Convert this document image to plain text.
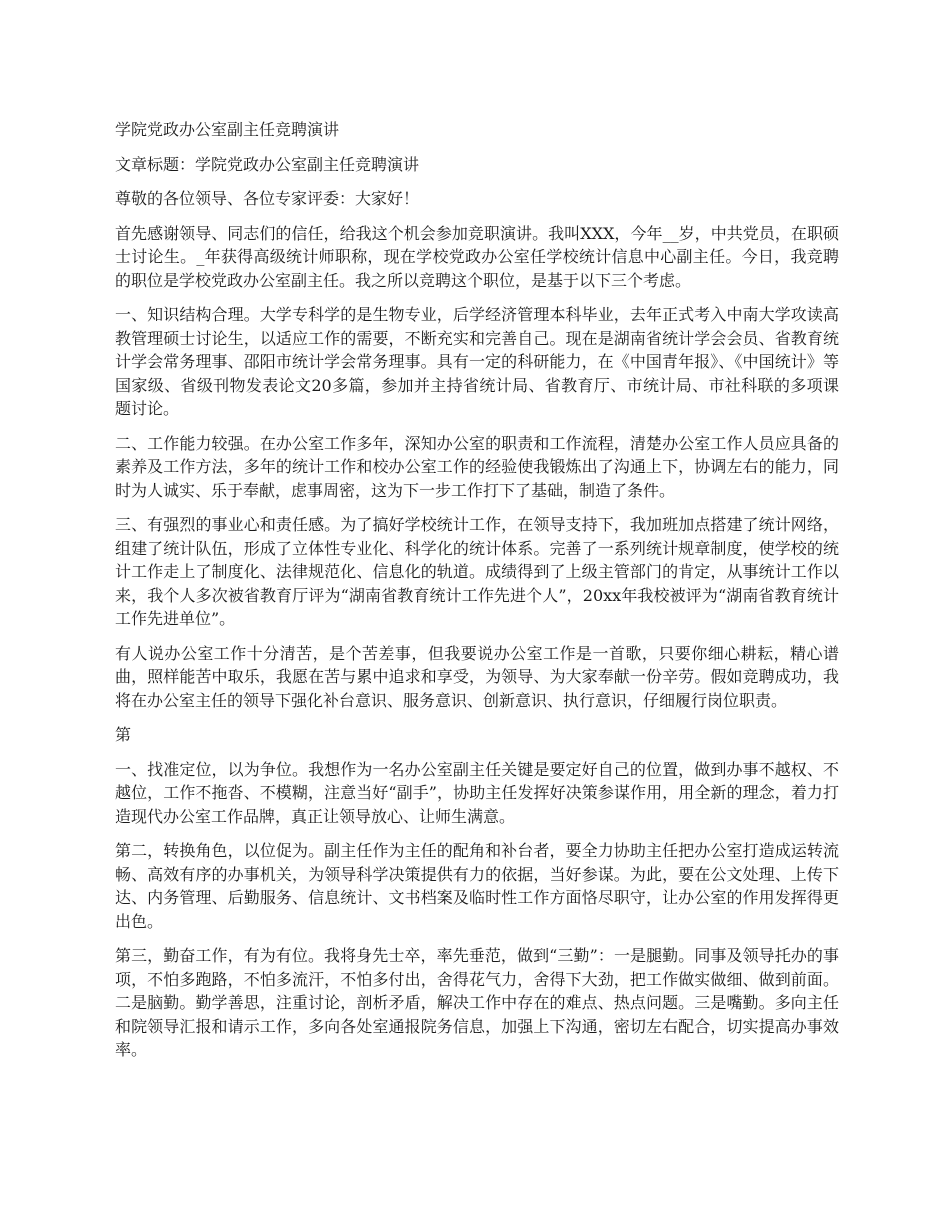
学院党政办公室副主任竞聘演讲

文章标题：学院党政办公室副主任竞聘演讲

尊敬的各位领导、各位专家评委：大家好！

首先感谢领导、同志们的信任，给我这个机会参加竞职演讲。我叫XXX，今年__岁，中共党员，在职硕士讨论生。_年获得高级统计师职称，现在学校党政办公室任学校统计信息中心副主任。今日，我竞聘的职位是学校党政办公室副主任。我之所以竞聘这个职位，是基于以下三个考虑。

一、知识结构合理。大学专科学的是生物专业，后学经济管理本科毕业，去年正式考入中南大学攻读高教管理硕士讨论生，以适应工作的需要，不断充实和完善自己。现在是湖南省统计学会会员、省教育统计学会常务理事、邵阳市统计学会常务理事。具有一定的科研能力，在《中国青年报》、《中国统计》等国家级、省级刊物发表论文20多篇，参加并主持省统计局、省教育厅、市统计局、市社科联的多项课题讨论。

二、工作能力较强。在办公室工作多年，深知办公室的职责和工作流程，清楚办公室工作人员应具备的素养及工作方法，多年的统计工作和校办公室工作的经验使我锻炼出了沟通上下，协调左右的能力，同时为人诚实、乐于奉献，虑事周密，这为下一步工作打下了基础，制造了条件。

三、有强烈的事业心和责任感。为了搞好学校统计工作，在领导支持下，我加班加点搭建了统计网络，组建了统计队伍，形成了立体性专业化、科学化的统计体系。完善了一系列统计规章制度，使学校的统计工作走上了制度化、法律规范化、信息化的轨道。成绩得到了上级主管部门的肯定，从事统计工作以来，我个人多次被省教育厅评为“湖南省教育统计工作先进个人”，20xx年我校被评为“湖南省教育统计工作先进单位”。

有人说办公室工作十分清苦，是个苦差事，但我要说办公室工作是一首歌，只要你细心耕耘，精心谱曲，照样能苦中取乐，我愿在苦与累中追求和享受，为领导、为大家奉献一份辛劳。假如竞聘成功，我将在办公室主任的领导下强化补台意识、服务意识、创新意识、执行意识，仔细履行岗位职责。

第

一、找准定位，以为争位。我想作为一名办公室副主任关键是要定好自己的位置，做到办事不越权、不越位，工作不拖沓、不模糊，注意当好“副手”，协助主任发挥好决策参谋作用，用全新的理念，着力打造现代办公室工作品牌，真正让领导放心、让师生满意。

第二，转换角色，以位促为。副主任作为主任的配角和补台者，要全力协助主任把办公室打造成运转流畅、高效有序的办事机关，为领导科学决策提供有力的依据，当好参谋。为此，要在公文处理、上传下达、内务管理、后勤服务、信息统计、文书档案及临时性工作方面恪尽职守，让办公室的作用发挥得更出色。

第三，勤奋工作，有为有位。我将身先士卒，率先垂范，做到“三勤”：一是腿勤。同事及领导托办的事项，不怕多跑路，不怕多流汗，不怕多付出，舍得花气力，舍得下大劲，把工作做实做细、做到前面。二是脑勤。勤学善思，注重讨论，剖析矛盾，解决工作中存在的难点、热点问题。三是嘴勤。多向主任和院领导汇报和请示工作，多向各处室通报院务信息，加强上下沟通，密切左右配合，切实提高办事效率。
